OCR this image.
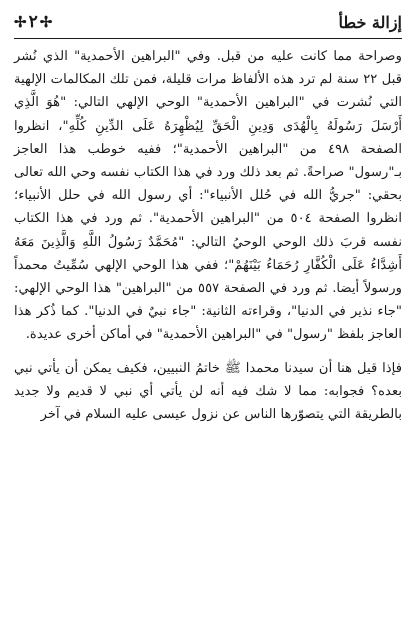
إزالة خطأ
✢ ٢ ✢

وصراحة مما كانت عليه من قبل. وفي "البراهين الأحمدية" الذي نُشر قبل ٢٢ سنة لم ترد هذه الألفاظ مرات قليلة، فمن تلك المكالمات الإلهية التي نُشرت في "البراهين الأحمدية" الوحي الإلهي التالي: "هُوَ الَّذِي أَرْسَلَ رَسُولَهُ بِالْهُدَى وَدِينِ الْحَقِّ لِيُظْهِرَهُ عَلَى الدِّينِ كُلِّهِ"، انظروا الصفحة ٤٩٨ من "البراهين الأحمدية"؛ ففيه خوطب هذا العاجز بـ"رسول" صراحةً. ثم بعد ذلك ورد في هذا الكتاب نفسه وحي الله تعالى بحقي: "جريُّ الله في حُلل الأنبياء": أي رسول الله في حلل الأنبياء؛ انظروا الصفحة ٥٠٤ من "البراهين الأحمدية". ثم ورد في هذا الكتاب نفسه قربَ ذلك الوحي الوحيُ التالي: "مُحَمَّدٌ رَسُولُ اللَّهِ وَالَّذِينَ مَعَهُ أَشِدَّاءُ عَلَى الْكُفَّارِ رُحَمَاءُ بَيْنَهُمْ"؛ ففي هذا الوحي الإلهي سُمِّيتُ محمداً ورسولاً أيضا. ثم ورد في الصفحة ٥٥٧ من "البراهين" هذا الوحي الإلهي: "جاء نذير في الدنيا"، وقراءته الثانية: "جاء نبيٌ في الدنيا". كما ذُكر هذا العاجز بلفظ "رسول" في "البراهين الأحمدية" في أماكن أخرى عديدة.

فإذا قيل هنا أن سيدنا محمدا ﷺ خاتمُ النبيين، فكيف يمكن أن يأتي نبي بعده؟ فجوابه: مما لا شك فيه أنه لن يأتي أي نبي لا قديم ولا جديد بالطريقة التي يتصوّرها الناس عن نزول عيسى عليه السلام في آخر
